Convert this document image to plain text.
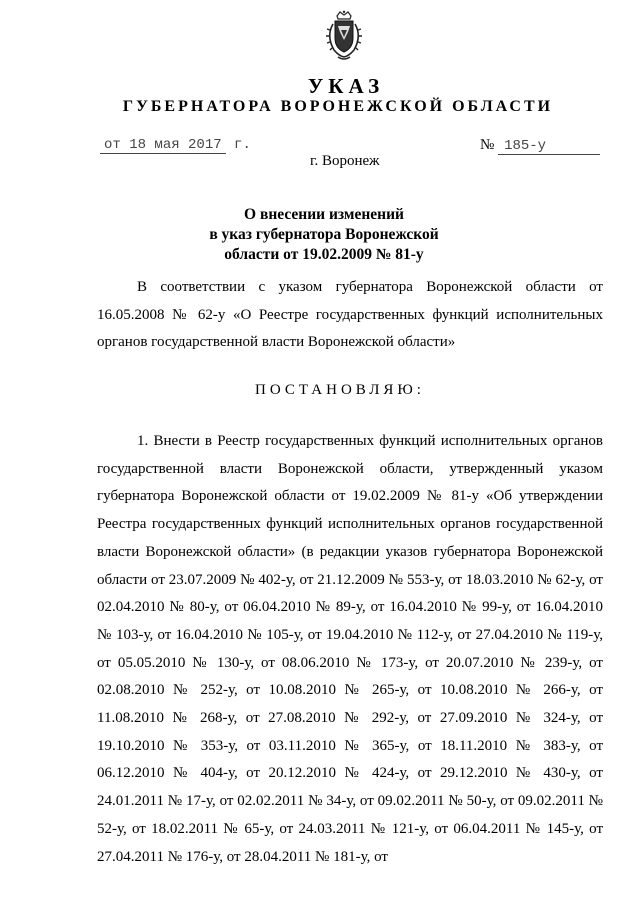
УКАЗ
ГУБЕРНАТОРА ВОРОНЕЖСКОЙ ОБЛАСТИ
от 18 мая 2017 г.	№ 185-у
г. Воронеж
О внесении изменений
в указ губернатора Воронежской
области от 19.02.2009 № 81-у
В соответствии с указом губернатора Воронежской области от 16.05.2008 № 62-у «О Реестре государственных функций исполнительных органов государственной власти Воронежской области»
ПОСТАНОВЛЯЮ:
1. Внести в Реестр государственных функций исполнительных органов государственной власти Воронежской области, утвержденный указом губернатора Воронежской области от 19.02.2009 № 81-у «Об утверждении Реестра государственных функций исполнительных органов государственной власти Воронежской области» (в редакции указов губернатора Воронежской области от 23.07.2009 № 402-у, от 21.12.2009 № 553-у, от 18.03.2010 № 62-у, от 02.04.2010 № 80-у, от 06.04.2010 № 89-у, от 16.04.2010 № 99-у, от 16.04.2010 № 103-у, от 16.04.2010 № 105-у, от 19.04.2010 № 112-у, от 27.04.2010 № 119-у, от 05.05.2010 № 130-у, от 08.06.2010 № 173-у, от 20.07.2010 № 239-у, от 02.08.2010 № 252-у, от 10.08.2010 № 265-у, от 10.08.2010 № 266-у, от 11.08.2010 № 268-у, от 27.08.2010 № 292-у, от 27.09.2010 № 324-у, от 19.10.2010 № 353-у, от 03.11.2010 № 365-у, от 18.11.2010 № 383-у, от 06.12.2010 № 404-у, от 20.12.2010 № 424-у, от 29.12.2010 № 430-у, от 24.01.2011 № 17-у, от 02.02.2011 № 34-у, от 09.02.2011 № 50-у, от 09.02.2011 № 52-у, от 18.02.2011 № 65-у, от 24.03.2011 № 121-у, от 06.04.2011 № 145-у, от 27.04.2011 № 176-у, от 28.04.2011 № 181-у, от
